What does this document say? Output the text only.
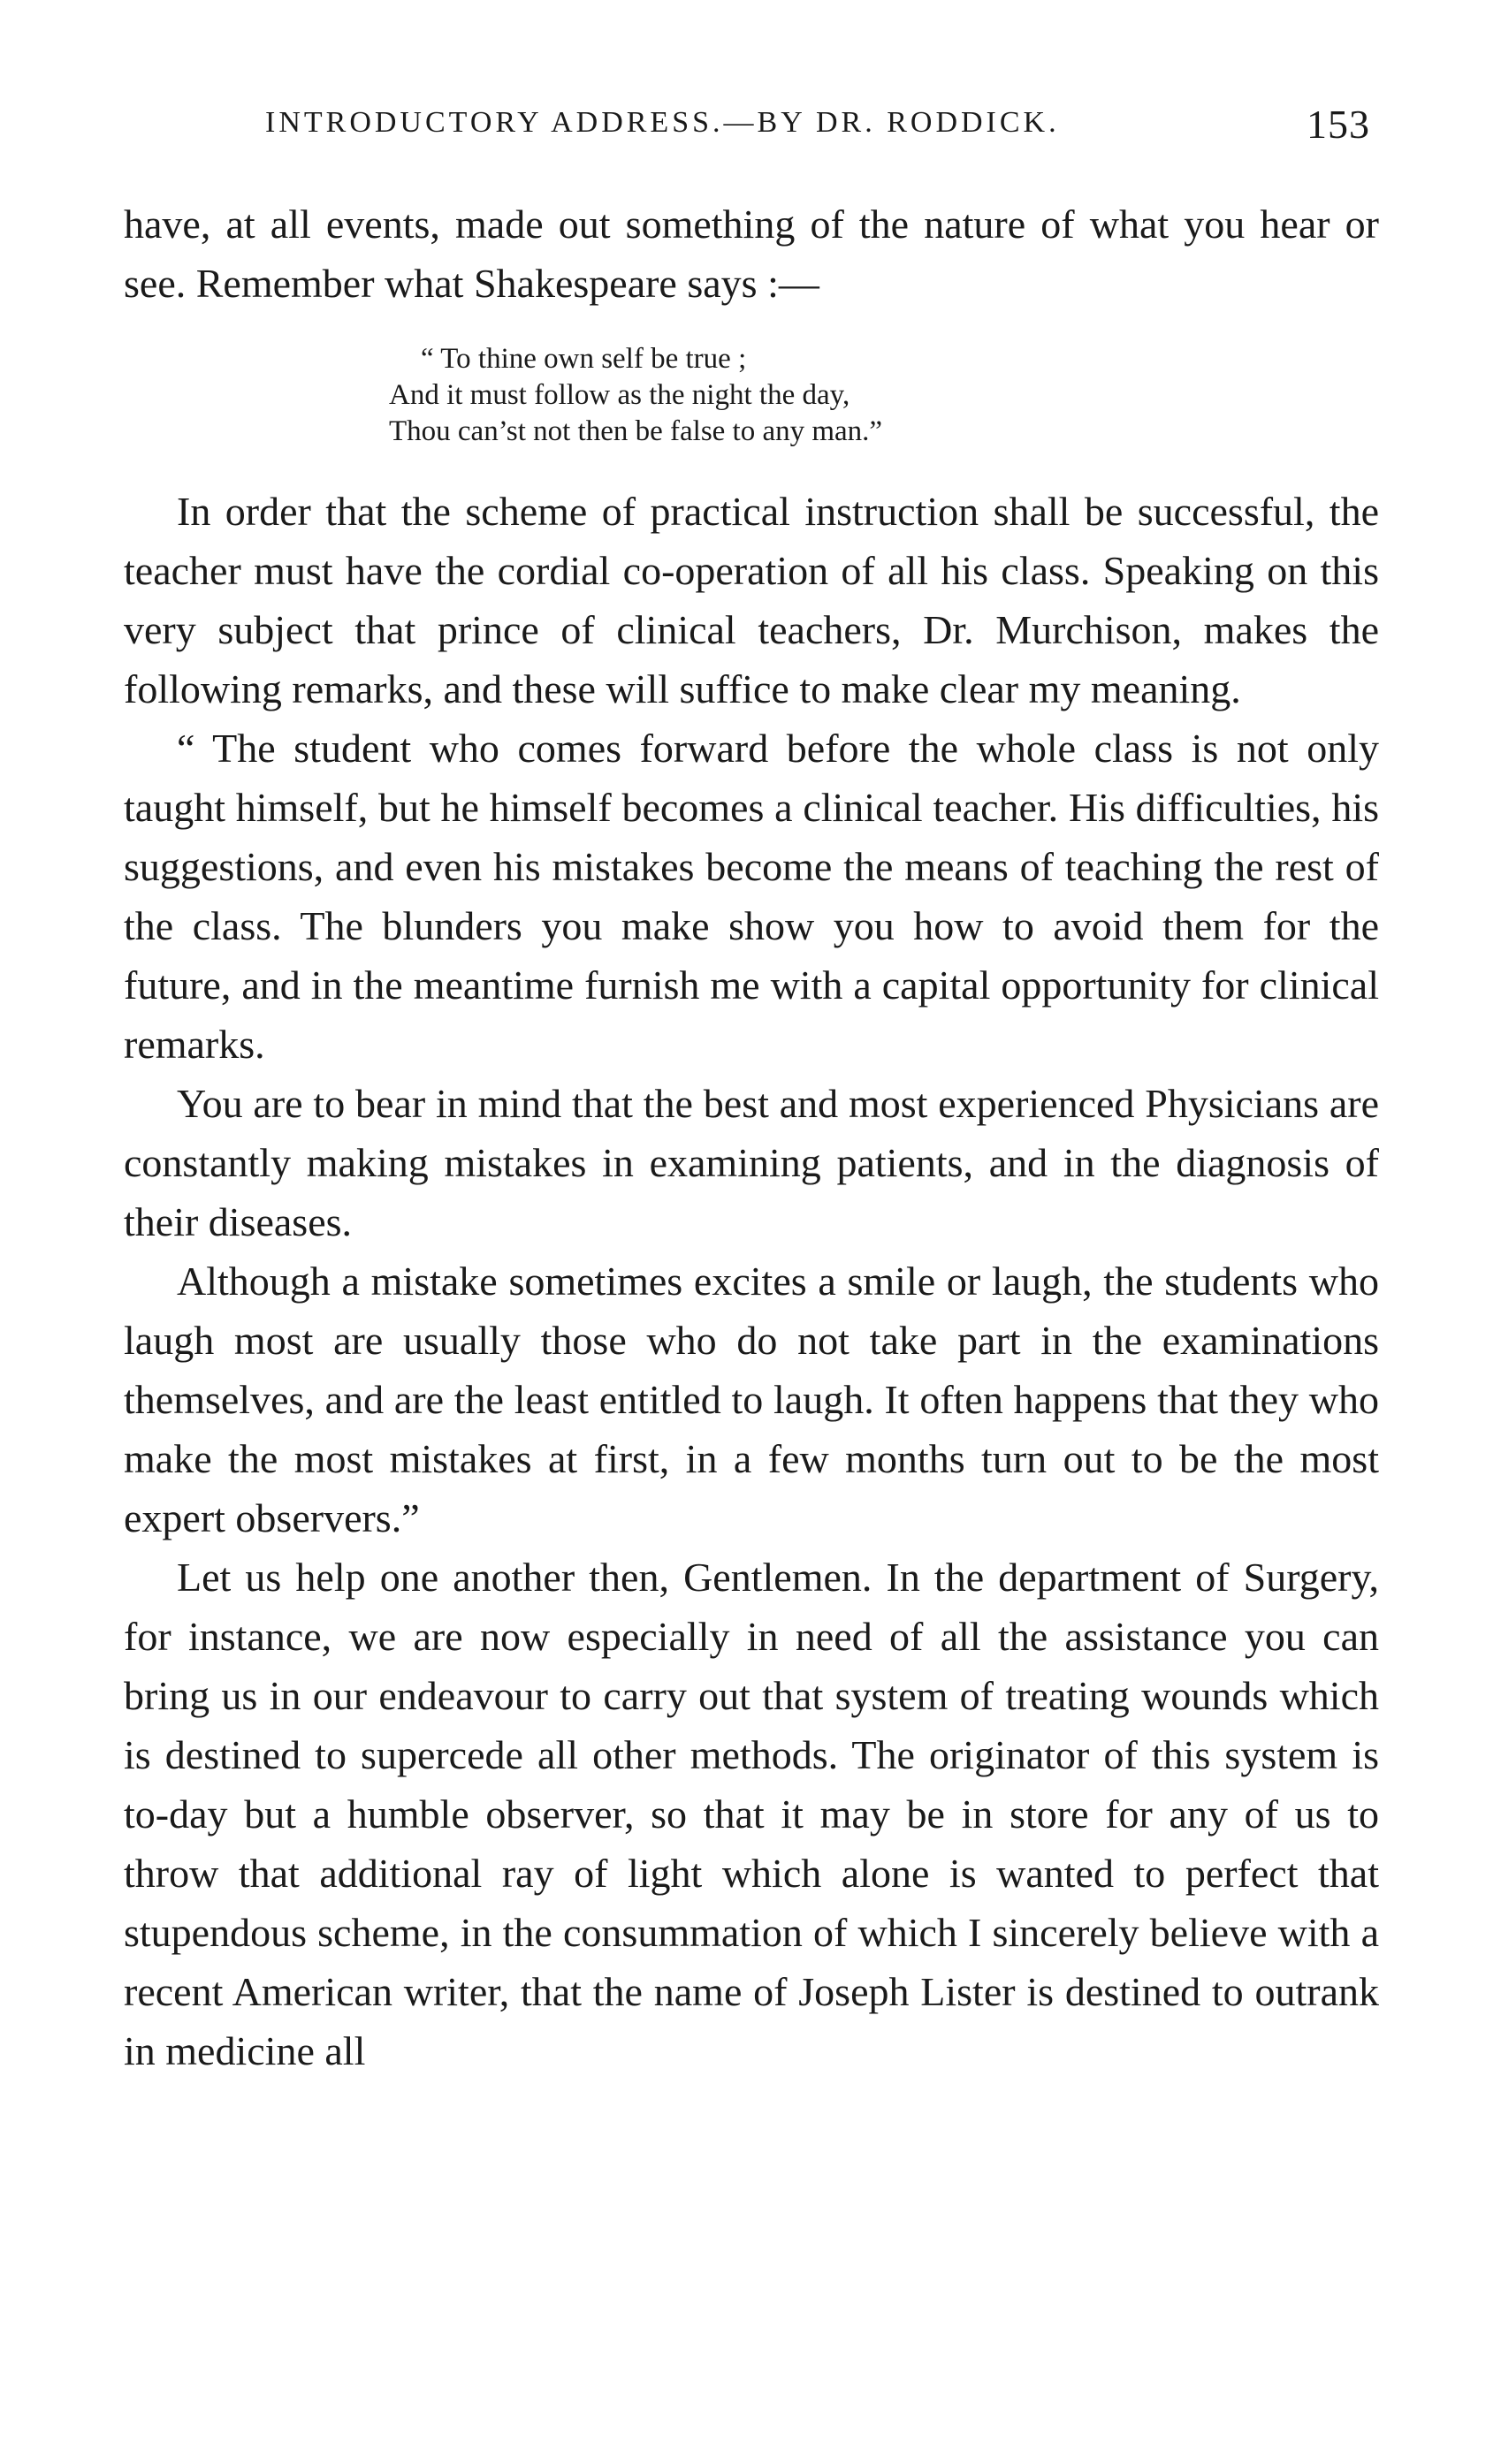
INTRODUCTORY ADDRESS.—BY DR. RODDICK.	153

have, at all events, made out something of the nature of what you hear or see. Remember what Shakespeare says :—

“ To thine own self be true ;
And it must follow as the night the day,
Thou can’st not then be false to any man.”

In order that the scheme of practical instruction shall be successful, the teacher must have the cordial co-operation of all his class. Speaking on this very subject that prince of clinical teachers, Dr. Murchison, makes the following remarks, and these will suffice to make clear my meaning.

“ The student who comes forward before the whole class is not only taught himself, but he himself becomes a clinical teacher. His difficulties, his suggestions, and even his mistakes become the means of teaching the rest of the class. The blunders you make show you how to avoid them for the future, and in the meantime furnish me with a capital opportunity for clinical remarks.

You are to bear in mind that the best and most experienced Physicians are constantly making mistakes in examining patients, and in the diagnosis of their diseases.

Although a mistake sometimes excites a smile or laugh, the students who laugh most are usually those who do not take part in the examinations themselves, and are the least entitled to laugh. It often happens that they who make the most mistakes at first, in a few months turn out to be the most expert observers.”

Let us help one another then, Gentlemen. In the department of Surgery, for instance, we are now especially in need of all the assistance you can bring us in our endeavour to carry out that system of treating wounds which is destined to supercede all other methods. The originator of this system is to-day but a humble observer, so that it may be in store for any of us to throw that additional ray of light which alone is wanted to perfect that stupendous scheme, in the consummation of which I sincerely believe with a recent American writer, that the name of Joseph Lister is destined to outrank in medicine all
